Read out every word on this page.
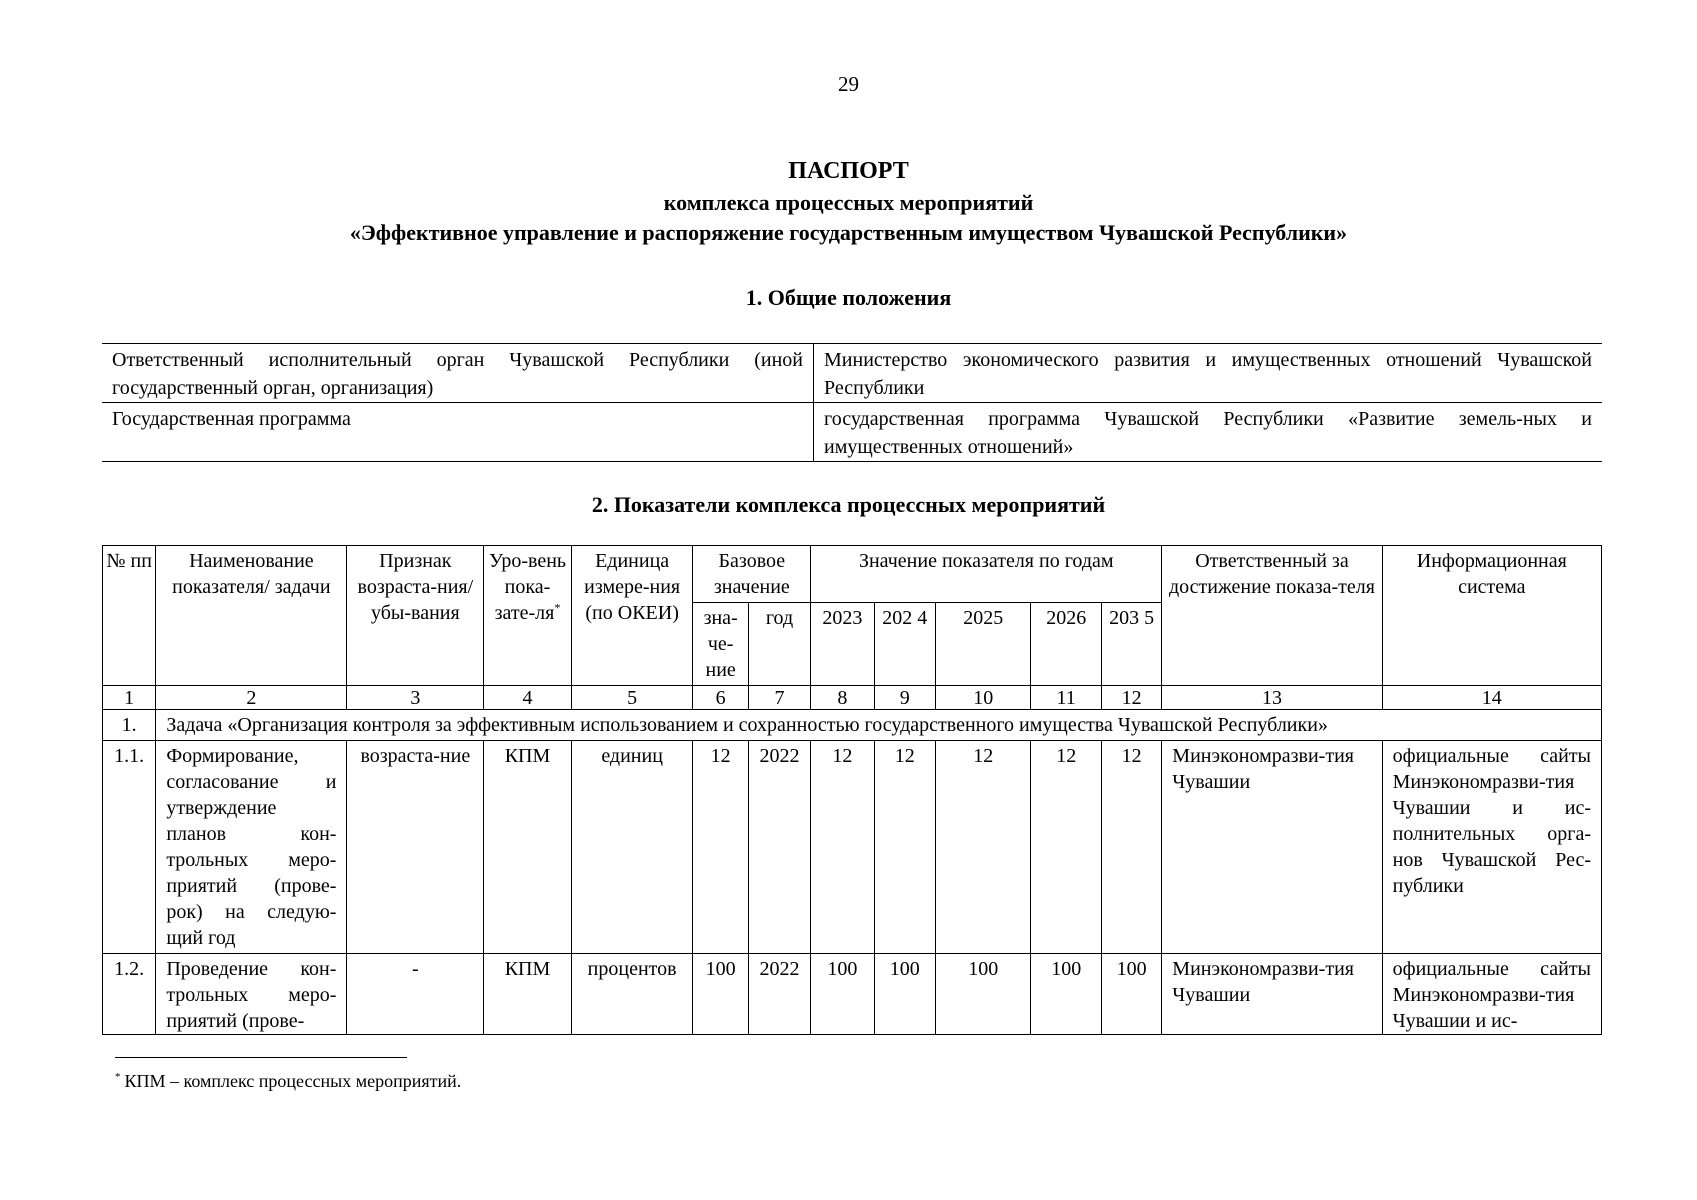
29
ПАСПОРТ
комплекса процессных мероприятий
«Эффективное управление и распоряжение государственным имуществом Чувашской Республики»
1. Общие положения
Ответственный исполнительный орган Чувашской Республики (иной государственный орган, организация)	Министерство экономического развития и имущественных отношений Чувашской Республики
Государственная программа	государственная программа Чувашской Республики «Развитие земель-ных и имущественных отношений»
2. Показатели комплекса процессных мероприятий
№ пп	Наименование показателя/ задачи	Признак возраста-ния/ убы-вания	Уро-вень пока-зате-ля*	Единица измере-ния (по ОКЕИ)	Базовое значение		Значение показателя по годам					Ответственный за достижение показа-теля	Информационная система
					зна-че-ние	год	2023	202 4	2025	2026	203 5		
1	2	3	4	5	6	7	8	9	10	11	12	13	14
1.	Задача «Организация контроля за эффективным использованием и сохранностью государственного имущества Чувашской Республики»												
1.1.	Формирование, согласование и утверждение планов кон-трольных меро-приятий (прове-рок) на следую-щий год	возраста-ние	КПМ	единиц	12	2022	12	12	12	12	12	Минэкономразви-тия Чувашии	официальные сайты Минэкономразви-тия Чувашии и ис-полнительных орга-нов Чувашской Рес-публики
1.2.	Проведение кон-трольных меро-приятий (прове-	-	КПМ	процентов	100	2022	100	100	100	100	100	Минэкономразви-тия Чувашии	официальные сайты Минэкономразви-тия Чувашии и ис-
* КПМ – комплекс процессных мероприятий.
